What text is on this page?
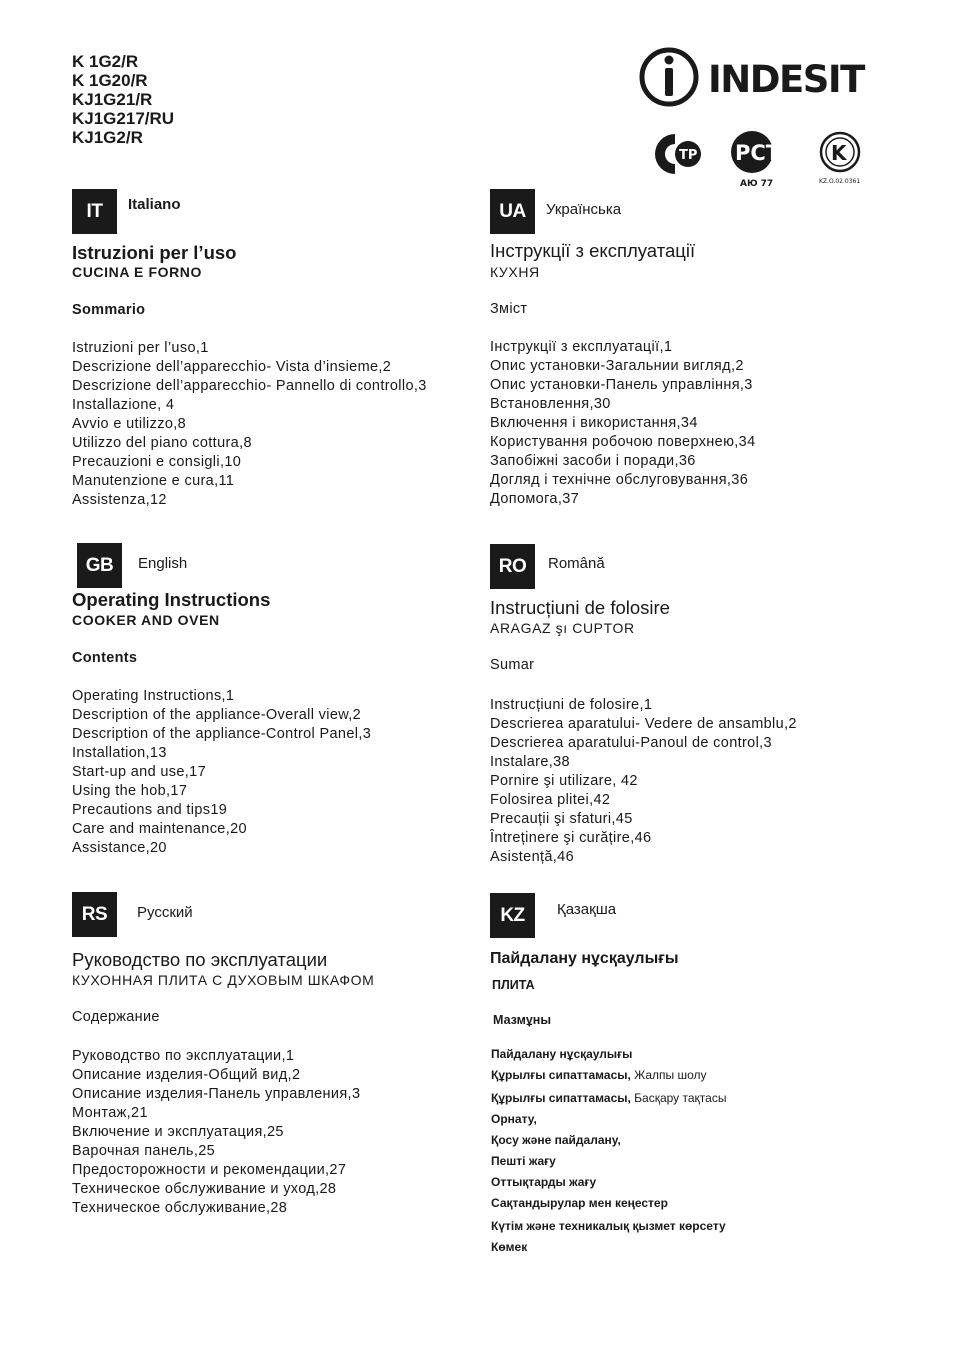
K 1G2/R
K 1G20/R
KJ1G21/R
KJ1G217/RU
KJ1G2/R
INDESIT
ТР РСТ
АЮ 77
K
KZ.O.02.0361
IT	Italiano
Istruzioni per l’uso
CUCINA E FORNO
Sommario
Istruzioni per l’uso,1
Descrizione dell’apparecchio- Vista d’insieme,2
Descrizione dell’apparecchio- Pannello di controllo,3
Installazione, 4
Avvio e utilizzo,8
Utilizzo del piano cottura,8
Precauzioni e consigli,10
Manutenzione e cura,11
Assistenza,12
UA	Українська
Інструкції з експлуатації
КУХНЯ
Зміст
Інструкції з експлуатації,1
Опис установки-Загальнии вигляд,2
Опис установки-Панель управління,3
Встановлення,30
Включення і використання,34
Користування робочою поверхнею,34
Запобіжні засоби і поради,36
Догляд і технічне обслуговування,36
Допомога,37
GB	English
Operating Instructions
COOKER AND OVEN
Contents
Operating Instructions,1
Description of the appliance-Overall view,2
Description of the appliance-Control Panel,3
Installation,13
Start-up and use,17
Using the hob,17
Precautions and tips19
Care and maintenance,20
Assistance,20
RO	Română
Instrucțiuni de folosire
ARAGAZ şı CUPTOR
Sumar
Instrucțiuni de folosire,1
Descrierea aparatului- Vedere de ansamblu,2
Descrierea aparatului-Panoul de control,3
Instalare,38
Pornire şi utilizare, 42
Folosirea plitei,42
Precauții şi sfaturi,45
Întreținere şi curățire,46
Asistență,46
RS	Русский
Руководство по эксплуатации
КУХОННАЯ ПЛИТА С ДУХОВЫМ ШКАФОМ
Содержание
Руководство по эксплуатации,1
Описание изделия-Общий вид,2
Описание изделия-Панель управления,3
Монтаж,21
Включение и эксплуатация,25
Варочная панель,25
Предосторожности и рекомендации,27
Техническое обслуживание и уход,28
Техническое обслуживание,28
KZ	Қазақша
Пайдалану нұсқаулығы
ПЛИТА
Мазмұны
Пайдалану нұсқаулығы
Құрылғы сипаттамасы, Жалпы шолу
Құрылғы сипаттамасы, Басқару тақтасы
Орнату,
Қосу және пайдалану,
Пешті жағу
Оттықтарды жағу
Сақтандырулар мен кеңестер
Күтім және техникалық қызмет көрсету
Көмек
